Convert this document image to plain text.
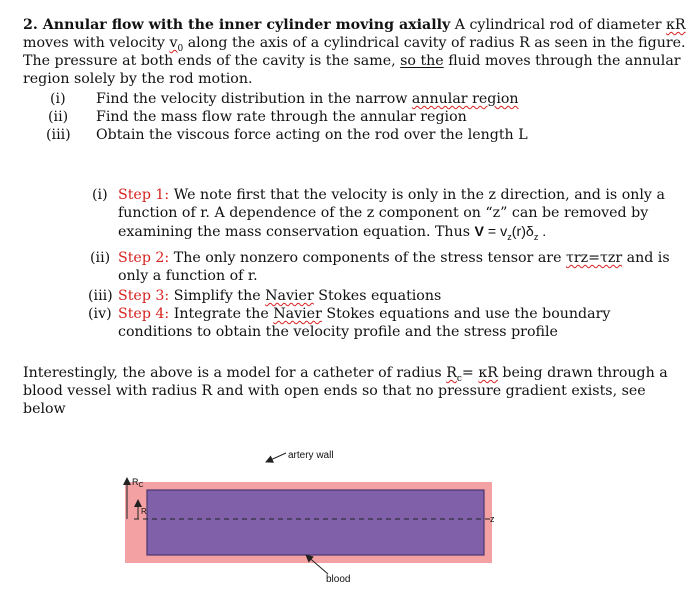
2. Annular flow with the inner cylinder moving axially A cylindrical rod of diameter κR
moves with velocity $v_0$ along the axis of a cylindrical cavity of radius R as seen in the figure.
The pressure at both ends of the cavity is the same, so the fluid moves through the annular
region solely by the rod motion.
(i) Find the velocity distribution in the narrow annular region
(ii) Find the mass flow rate through the annular region
(iii) Obtain the viscous force acting on the rod over the length L
(i) Step 1: We note first that the velocity is only in the z direction, and is only a
function of r. A dependence of the z component on “z” can be removed by
examining the mass conservation equation. Thus $V = v_z(r)\delta_z$ .
(ii) Step 2: The only nonzero components of the stress tensor are τrz=τzr and is
only a function of r.
(iii) Step 3: Simplify the Navier Stokes equations
(iv) Step 4: Integrate the Navier Stokes equations and use the boundary
conditions to obtain the velocity profile and the stress profile
Interestingly, the above is a model for a catheter of radius $R_c= \kappa R$ being drawn through a
blood vessel with radius R and with open ends so that no pressure gradient exists, see
below
artery wall
blood
$R_C$
R
z
